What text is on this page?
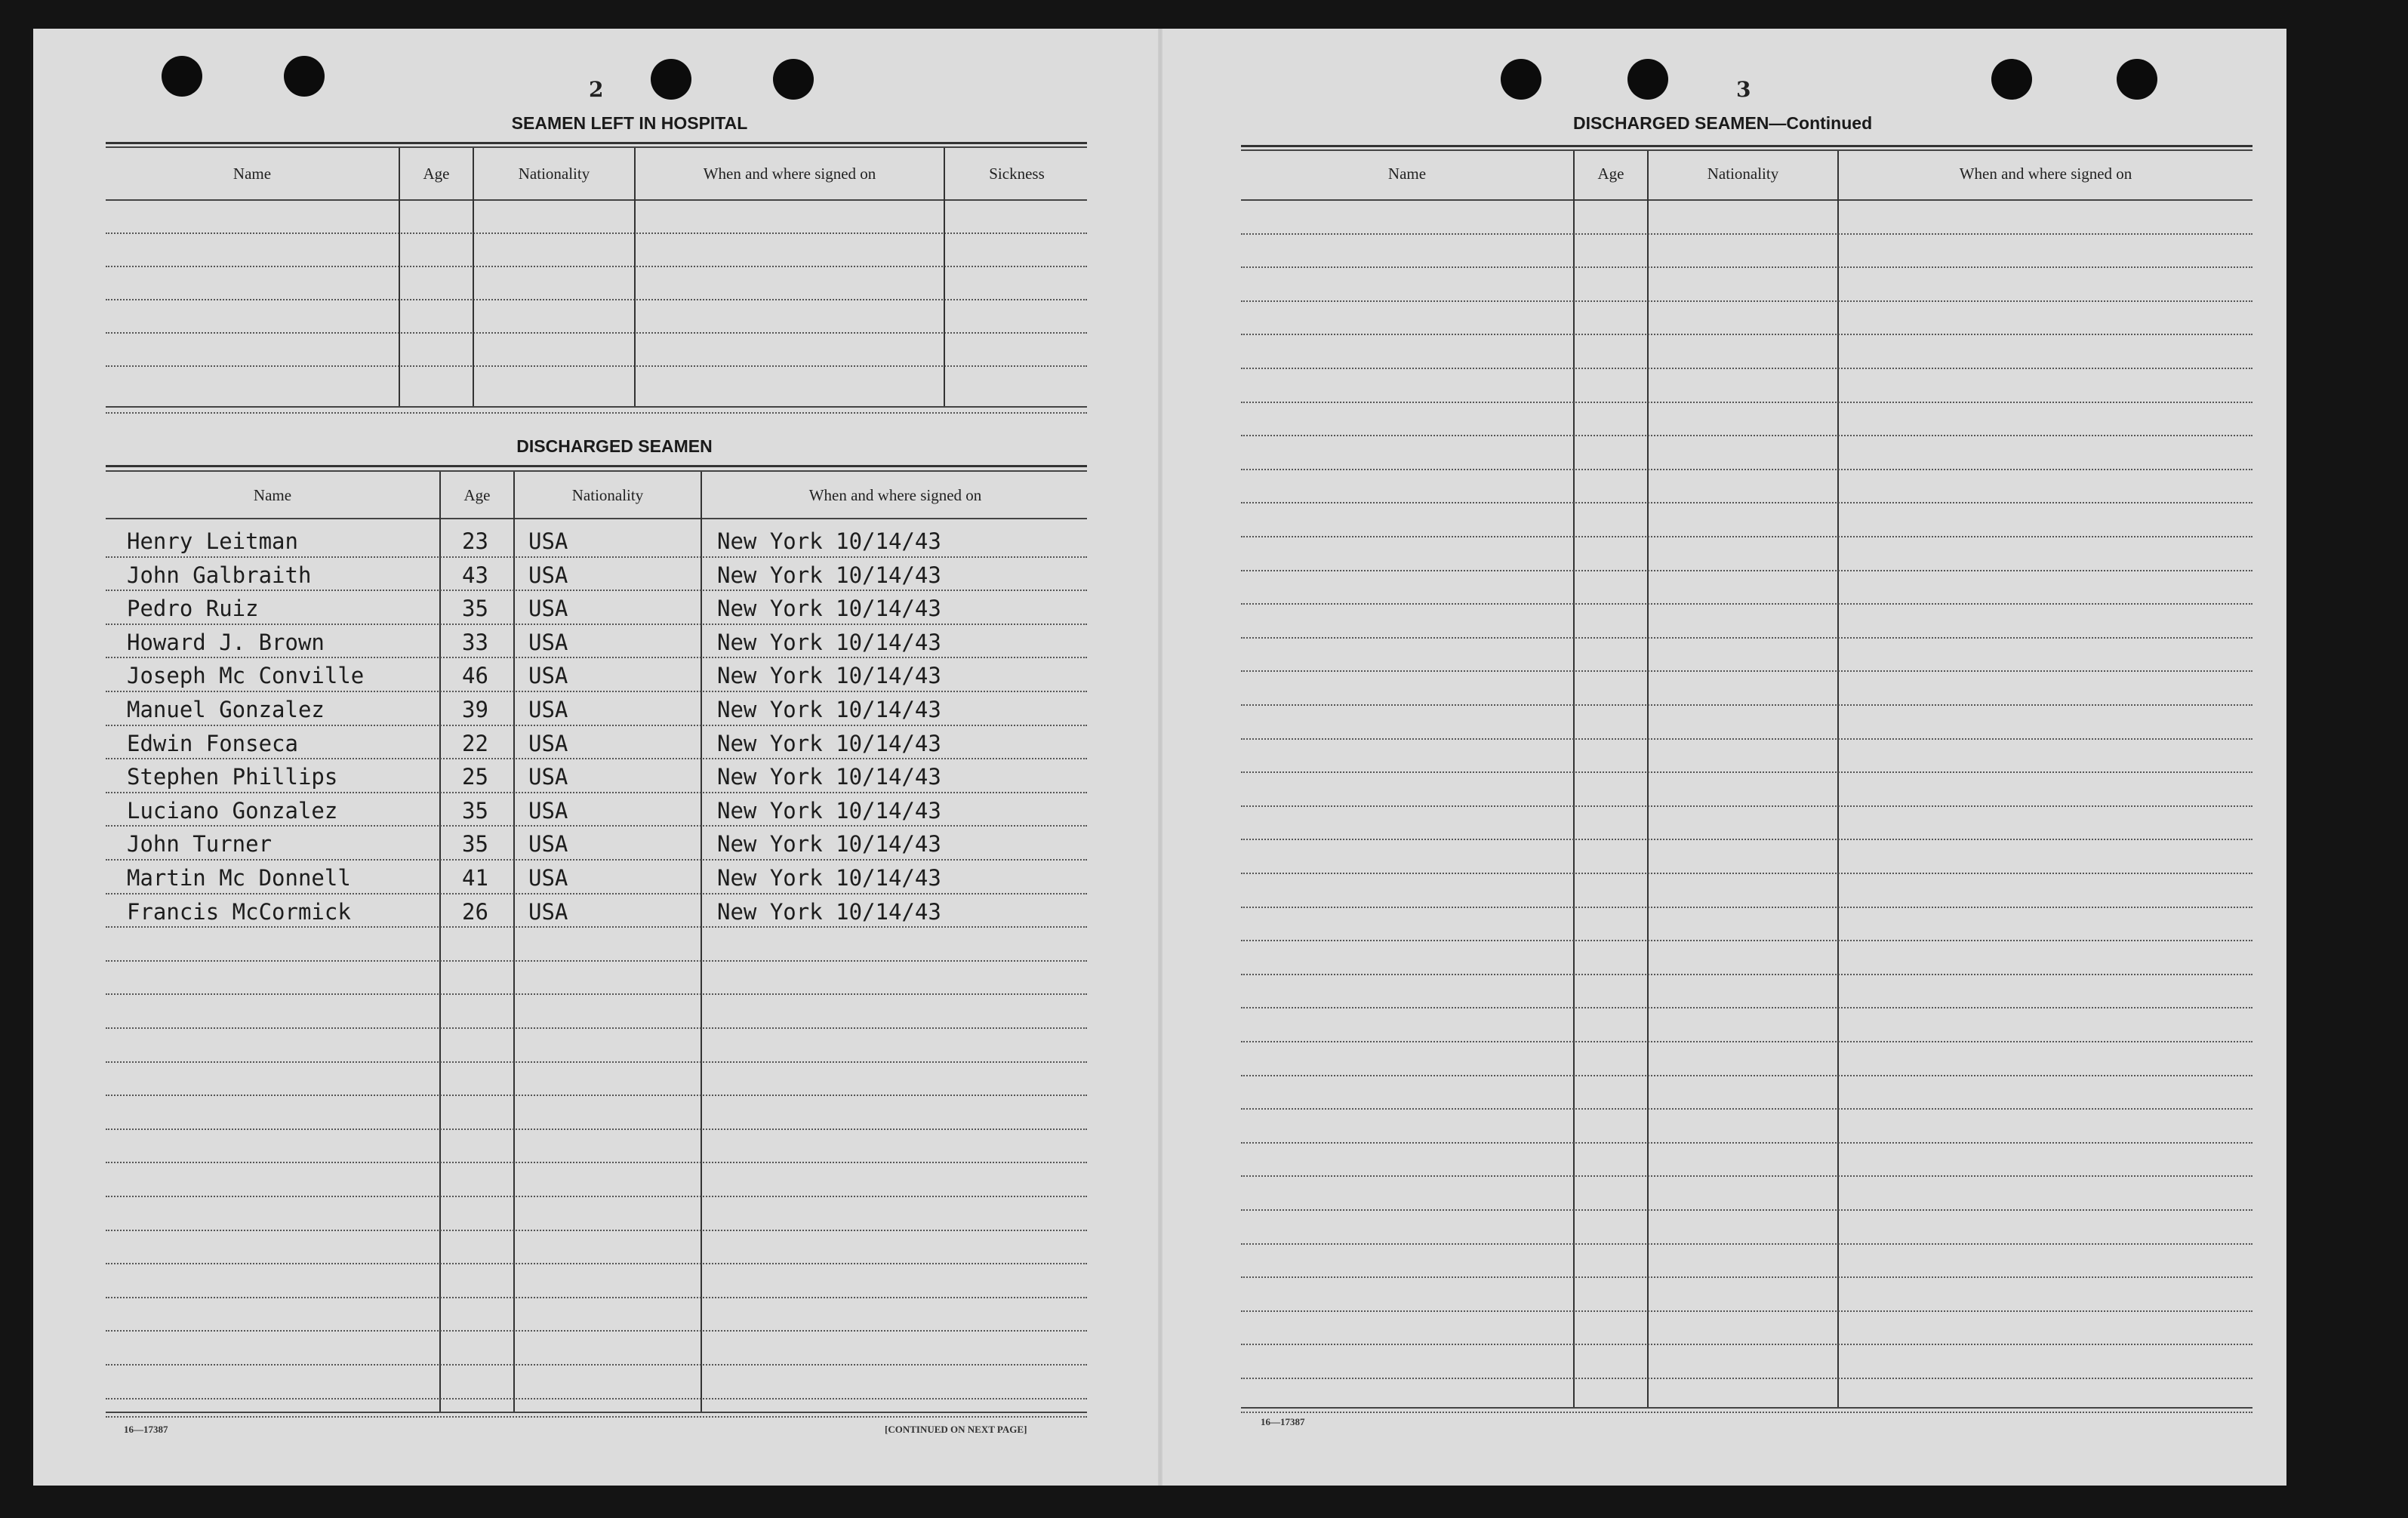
2
SEAMEN LEFT IN HOSPITAL
Name	Age	Nationality	When and where signed on	Sickness
DISCHARGED SEAMEN
Name	Age	Nationality	When and where signed on
Henry Leitman	23 USA	New York 10/14/43
John Galbraith	43 USA	New York 10/14/43
Pedro Ruiz	35 USA	New York 10/14/43
Howard J. Brown	33 USA	New York 10/14/43
Joseph Mc Conville	46 USA	New York 10/14/43
Manuel Gonzalez	39 USA	New York 10/14/43
Edwin Fonseca	22 USA	New York 10/14/43
Stephen Phillips	25 USA	New York 10/14/43
Luciano Gonzalez	35 USA	New York 10/14/43
John Turner	35 USA	New York 10/14/43
Martin Mc Donnell	41 USA	New York 10/14/43
Francis McCormick	26 USA	New York 10/14/43
16—17387	[CONTINUED ON NEXT PAGE]
3
DISCHARGED SEAMEN—Continued
Name	Age	Nationality	When and where signed on
16—17387
